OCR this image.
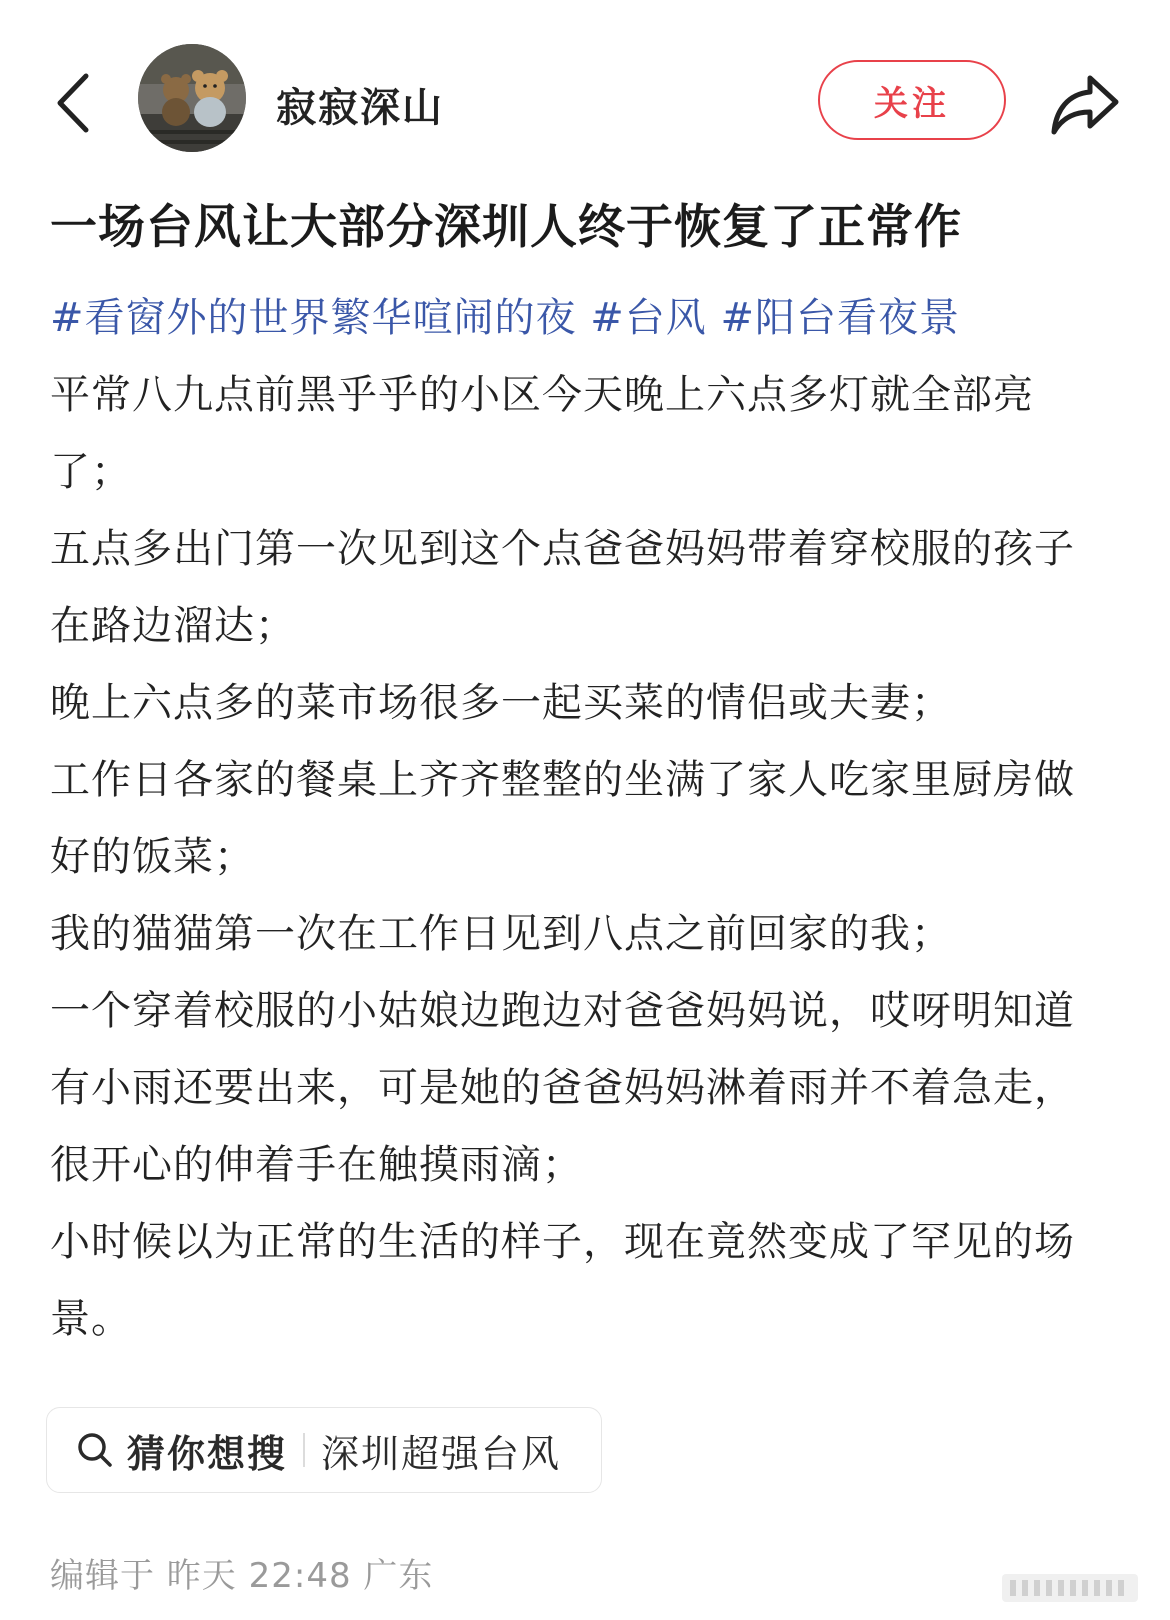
寂寂深山	关注
一场台风让大部分深圳人终于恢复了正常作
#看窗外的世界繁华喧闹的夜 #台风 #阳台看夜景
平常八九点前黑乎乎的小区今天晚上六点多灯就全部亮了；
五点多出门第一次见到这个点爸爸妈妈带着穿校服的孩子在路边溜达；
晚上六点多的菜市场很多一起买菜的情侣或夫妻；
工作日各家的餐桌上齐齐整整的坐满了家人吃家里厨房做好的饭菜；
我的猫猫第一次在工作日见到八点之前回家的我；
一个穿着校服的小姑娘边跑边对爸爸妈妈说，哎呀明知道有小雨还要出来，可是她的爸爸妈妈淋着雨并不着急走，很开心的伸着手在触摸雨滴；
小时候以为正常的生活的样子，现在竟然变成了罕见的场景。
猜你想搜 深圳超强台风
编辑于 昨天 22:48 广东
